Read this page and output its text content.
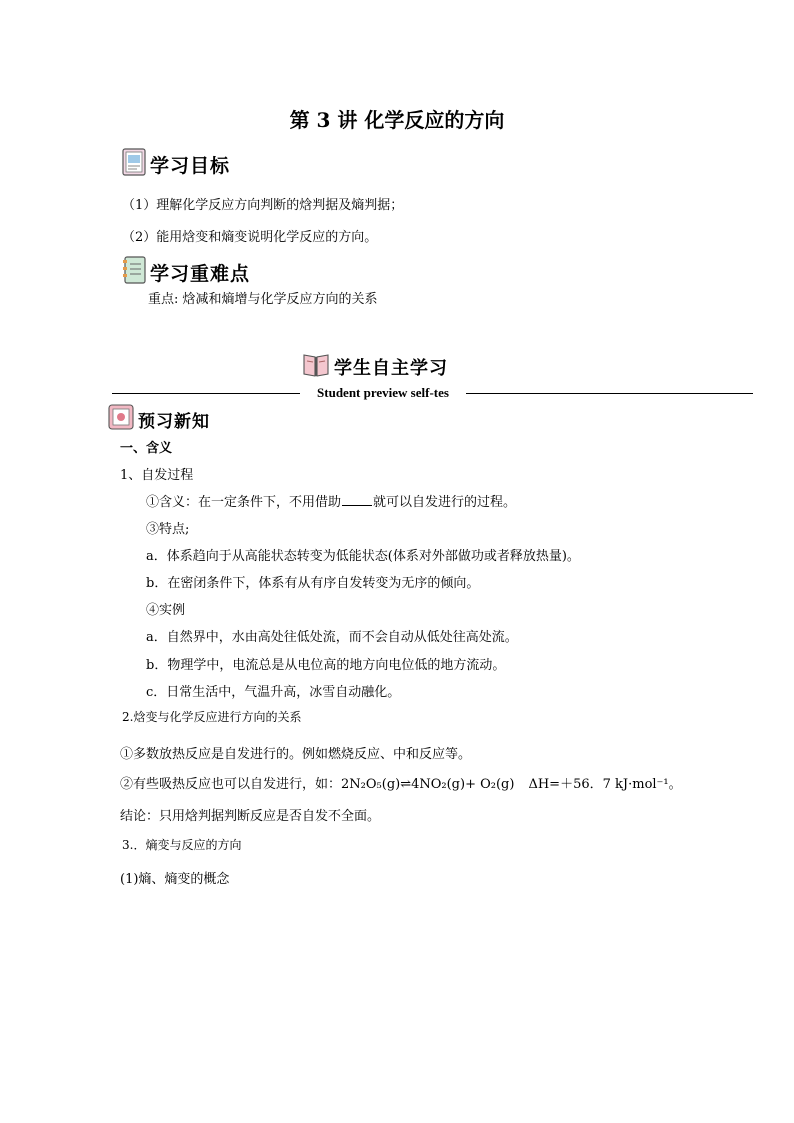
第 3 讲 化学反应的方向
学习目标
（1）理解化学反应方向判断的焓判据及熵判据；
（2）能用焓变和熵变说明化学反应的方向。
学习重难点
重点: 焓减和熵增与化学反应方向的关系
学生自主学习
Student preview self-tes
预习新知
一、含义
1、自发过程
①含义：在一定条件下，不用借助 就可以自发进行的过程。
③特点;
a．体系趋向于从高能状态转变为低能状态(体系对外部做功或者释放热量)。
b．在密闭条件下，体系有从有序自发转变为无序的倾向。
④实例
a．自然界中，水由高处往低处流，而不会自动从低处往高处流。
b．物理学中，电流总是从电位高的地方向电位低的地方流动。
c．日常生活中，气温升高，冰雪自动融化。
2.焓变与化学反应进行方向的关系
①多数放热反应是自发进行的。例如燃烧反应、中和反应等。
②有些吸热反应也可以自发进行，如：2N₂O₅(g)⇌4NO₂(g)+ O₂(g) ΔH=＋56．7 kJ·mol⁻¹。
结论：只用焓判据判断反应是否自发不全面。
3.．熵变与反应的方向
(1)熵、熵变的概念
